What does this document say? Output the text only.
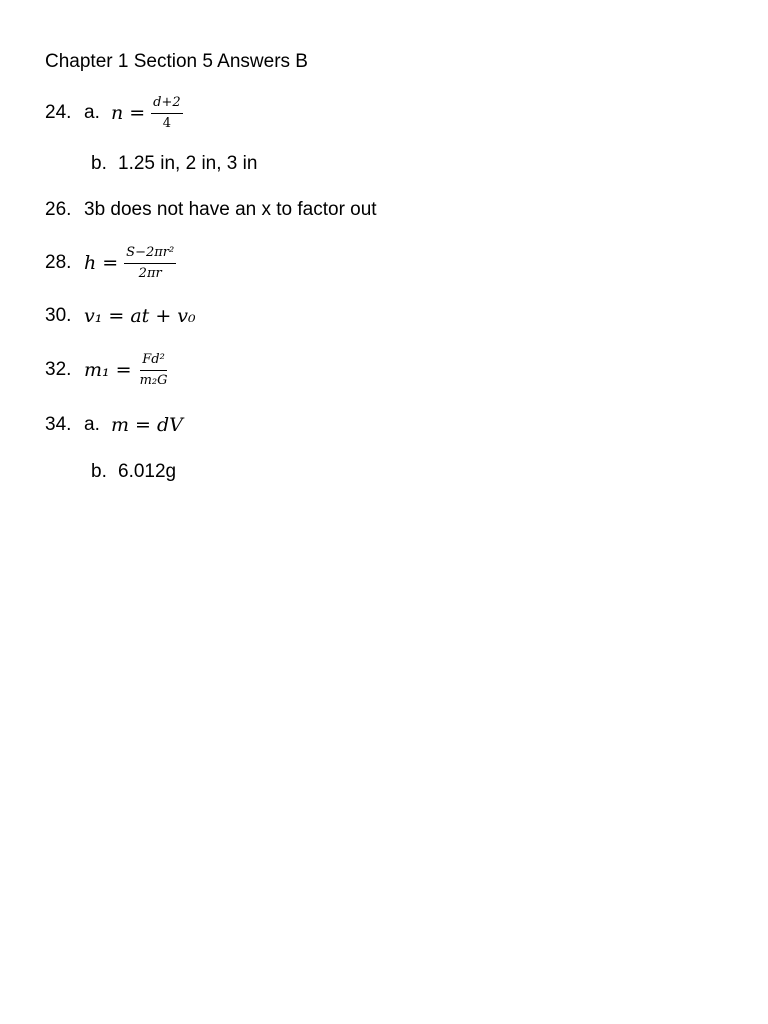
Chapter 1 Section 5 Answers B
24. a. $n = \frac{d+2}{4}$
b. 1.25 in, 2 in, 3 in
26. 3b does not have an x to factor out
28. $h = \frac{\text{S−2πr²}}{2\pi r}$
30. v₁ = at + v₀
32. $m_1 = \frac{\text{Fd²}}{\text{m₂G}}$
34. a. m = dV
b. 6.012g
